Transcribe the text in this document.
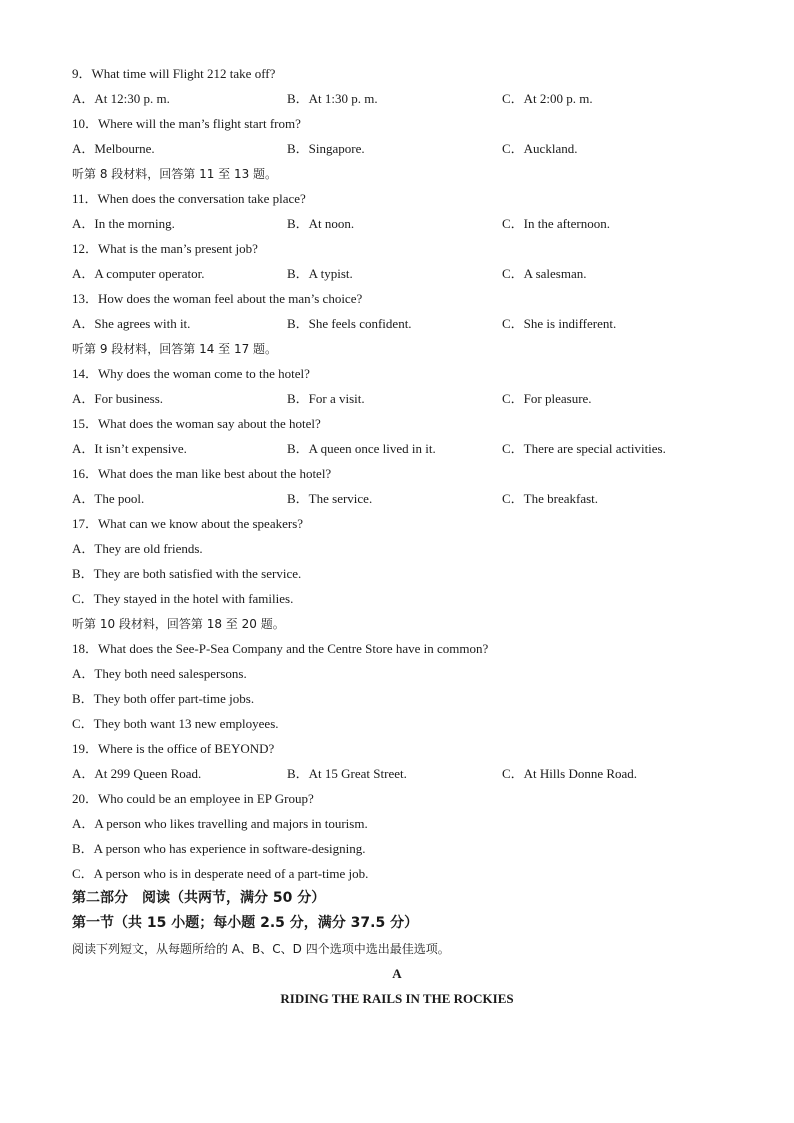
9．What time will Flight 212 take off?
A．At 12:30 p. m.	B．At 1:30 p. m.	C．At 2:00 p. m.
10．Where will the man’s flight start from?
A．Melbourne.	B．Singapore.	C．Auckland.
听第 8 段材料，回答第 11 至 13 题。
11．When does the conversation take place?
A．In the morning.	B．At noon.	C．In the afternoon.
12．What is the man’s present job?
A．A computer operator.	B．A typist.	C．A salesman.
13．How does the woman feel about the man’s choice?
A．She agrees with it.	B．She feels confident.	C．She is indifferent.
听第 9 段材料，回答第 14 至 17 题。
14．Why does the woman come to the hotel?
A．For business.	B．For a visit.	C．For pleasure.
15．What does the woman say about the hotel?
A．It isn’t expensive.	B．A queen once lived in it.	C．There are special activities.
16．What does the man like best about the hotel?
A．The pool.	B．The service.	C．The breakfast.
17．What can we know about the speakers?
A．They are old friends.
B．They are both satisfied with the service.
C．They stayed in the hotel with families.
听第 10 段材料，回答第 18 至 20 题。
18．What does the See-P-Sea Company and the Centre Store have in common?
A．They both need salespersons.
B．They both offer part-time jobs.
C．They both want 13 new employees.
19．Where is the office of BEYOND?
A．At 299 Queen Road.	B．At 15 Great Street.	C．At Hills Donne Road.
20．Who could be an employee in EP Group?
A．A person who likes travelling and majors in tourism.
B．A person who has experience in software-designing.
C．A person who is in desperate need of a part-time job.
第二部分　阅读（共两节，满分 50 分）
第一节（共 15 小题；每小题 2.5 分，满分 37.5 分）
阅读下列短文，从每题所给的 A、B、C、D 四个选项中选出最佳选项。
A
RIDING THE RAILS IN THE ROCKIES
